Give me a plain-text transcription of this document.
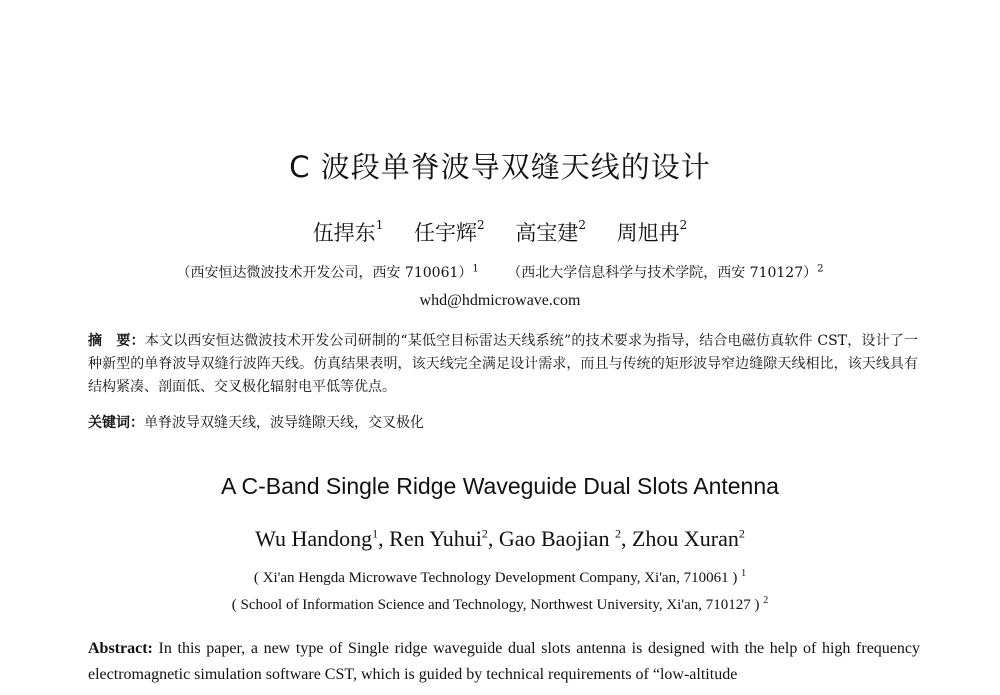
C 波段单脊波导双缝天线的设计
伍捍东$^1$ 任宇辉$^2$ 高宝建$^2$ 周旭冉$^2$
（西安恒达微波技术开发公司，西安 710061）$^1$ （西北大学信息科学与技术学院，西安 710127）$^2$
whd@hdmicrowave.com
摘　要：本文以西安恒达微波技术开发公司研制的“某低空目标雷达天线系统”的技术要求为指导，结合电磁仿真软件 CST，设计了一种新型的单脊波导双缝行波阵天线。仿真结果表明，该天线完全满足设计需求，而且与传统的矩形波导窄边缝隙天线相比，该天线具有结构紧凑、剖面低、交叉极化辐射电平低等优点。
关键词：单脊波导双缝天线，波导缝隙天线，交叉极化
A C-Band Single Ridge Waveguide Dual Slots Antenna
Wu Handong$^1$, Ren Yuhui$^2$, Gao Baojian $^2$, Zhou Xuran$^2$
( Xi'an Hengda Microwave Technology Development Company, Xi'an, 710061 ) $^1$
( School of Information Science and Technology, Northwest University, Xi'an, 710127 ) $^2$
Abstract: In this paper, a new type of Single ridge waveguide dual slots antenna is designed with the help of high frequency electromagnetic simulation software CST, which is guided by technical requirements of “low-altitude
